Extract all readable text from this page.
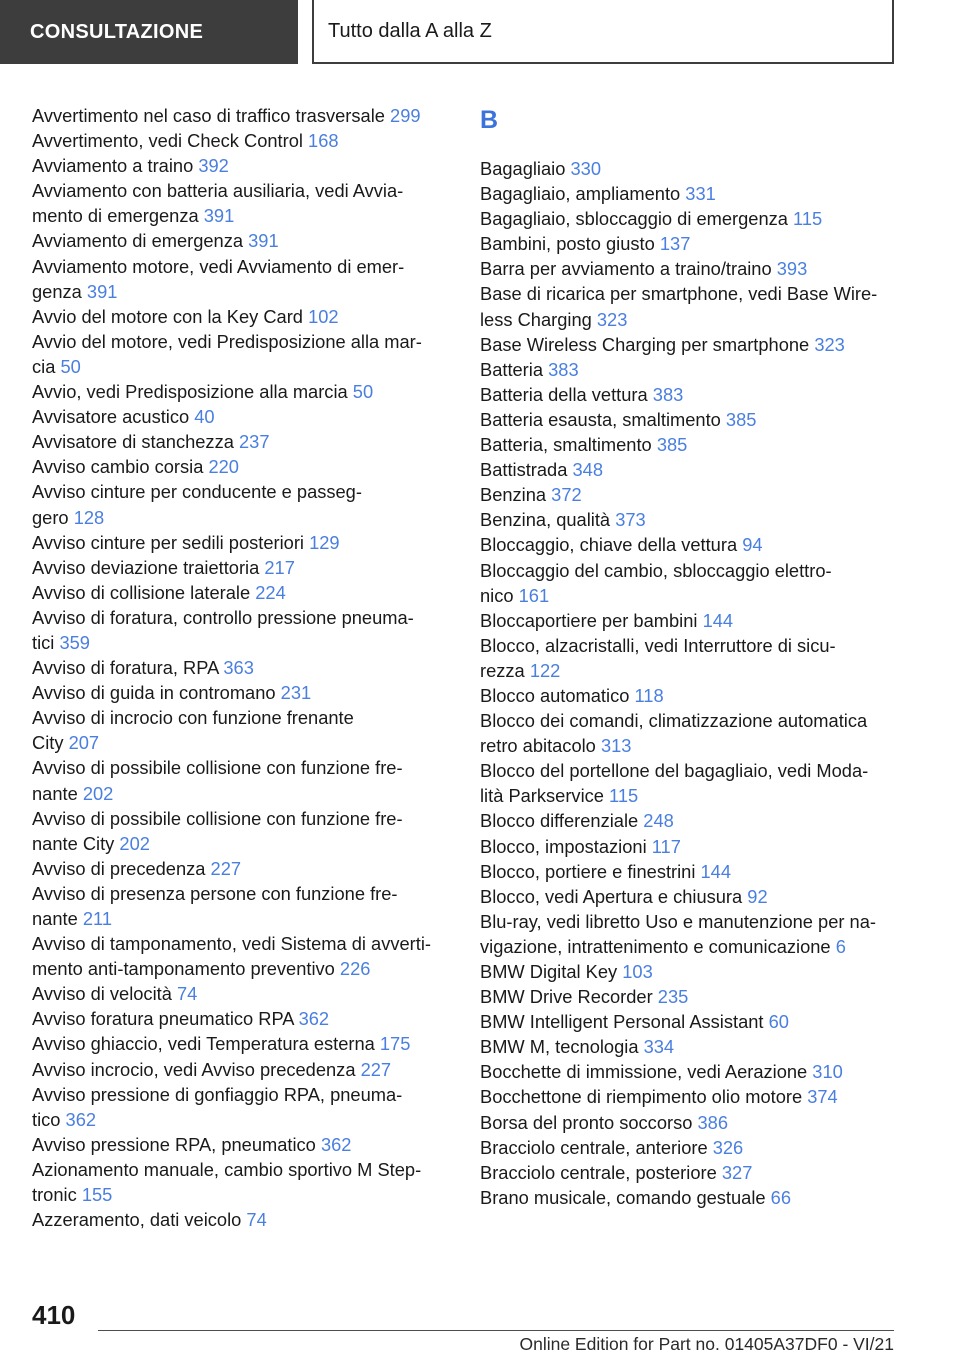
CONSULTAZIONE	Tutto dalla A alla Z
Avvertimento nel caso di traffico trasversale 299
Avvertimento, vedi Check Control 168
Avviamento a traino 392
Avviamento con batteria ausiliaria, vedi Avvia-
mento di emergenza 391
Avviamento di emergenza 391
Avviamento motore, vedi Avviamento di emer-
genza 391
Avvio del motore con la Key Card 102
Avvio del motore, vedi Predisposizione alla mar-
cia 50
Avvio, vedi Predisposizione alla marcia 50
Avvisatore acustico 40
Avvisatore di stanchezza 237
Avviso cambio corsia 220
Avviso cinture per conducente e passeg-
gero 128
Avviso cinture per sedili posteriori 129
Avviso deviazione traiettoria 217
Avviso di collisione laterale 224
Avviso di foratura, controllo pressione pneuma-
tici 359
Avviso di foratura, RPA 363
Avviso di guida in contromano 231
Avviso di incrocio con funzione frenante
City 207
Avviso di possibile collisione con funzione fre-
nante 202
Avviso di possibile collisione con funzione fre-
nante City 202
Avviso di precedenza 227
Avviso di presenza persone con funzione fre-
nante 211
Avviso di tamponamento, vedi Sistema di avverti-
mento anti-tamponamento preventivo 226
Avviso di velocità 74
Avviso foratura pneumatico RPA 362
Avviso ghiaccio, vedi Temperatura esterna 175
Avviso incrocio, vedi Avviso precedenza 227
Avviso pressione di gonfiaggio RPA, pneuma-
tico 362
Avviso pressione RPA, pneumatico 362
Azionamento manuale, cambio sportivo M Step-
tronic 155
Azzeramento, dati veicolo 74
B
Bagagliaio 330
Bagagliaio, ampliamento 331
Bagagliaio, sbloccaggio di emergenza 115
Bambini, posto giusto 137
Barra per avviamento a traino/traino 393
Base di ricarica per smartphone, vedi Base Wire-
less Charging 323
Base Wireless Charging per smartphone 323
Batteria 383
Batteria della vettura 383
Batteria esausta, smaltimento 385
Batteria, smaltimento 385
Battistrada 348
Benzina 372
Benzina, qualità 373
Bloccaggio, chiave della vettura 94
Bloccaggio del cambio, sbloccaggio elettro-
nico 161
Bloccaportiere per bambini 144
Blocco, alzacristalli, vedi Interruttore di sicu-
rezza 122
Blocco automatico 118
Blocco dei comandi, climatizzazione automatica
retro abitacolo 313
Blocco del portellone del bagagliaio, vedi Moda-
lità Parkservice 115
Blocco differenziale 248
Blocco, impostazioni 117
Blocco, portiere e finestrini 144
Blocco, vedi Apertura e chiusura 92
Blu-ray, vedi libretto Uso e manutenzione per na-
vigazione, intrattenimento e comunicazione 6
BMW Digital Key 103
BMW Drive Recorder 235
BMW Intelligent Personal Assistant 60
BMW M, tecnologia 334
Bocchette di immissione, vedi Aerazione 310
Bocchettone di riempimento olio motore 374
Borsa del pronto soccorso 386
Bracciolo centrale, anteriore 326
Bracciolo centrale, posteriore 327
Brano musicale, comando gestuale 66
410
Online Edition for Part no. 01405A37DF0 - VI/21
